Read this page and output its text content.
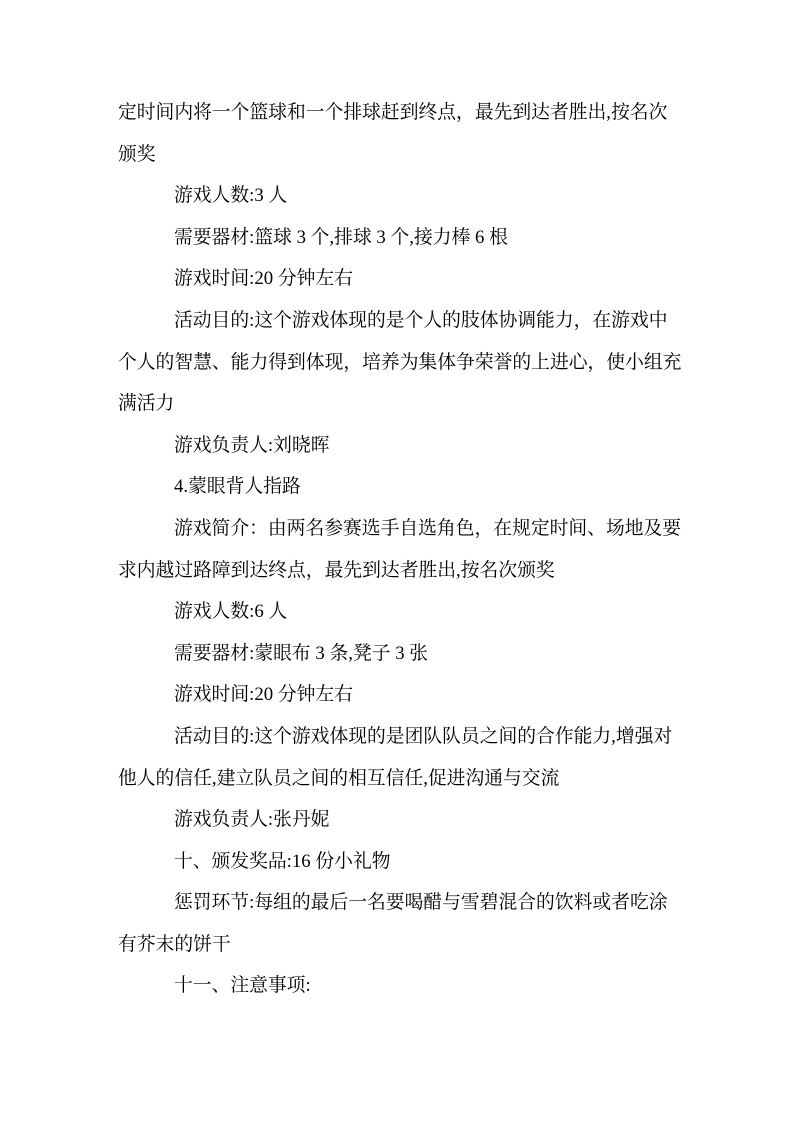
定时间内将一个篮球和一个排球赶到终点，最先到达者胜出,按名次
颁奖
游戏人数:3 人
需要器材:篮球 3 个,排球 3 个,接力棒 6 根
游戏时间:20 分钟左右
活动目的:这个游戏体现的是个人的肢体协调能力，在游戏中
个人的智慧、能力得到体现，培养为集体争荣誉的上进心，使小组充
满活力
游戏负责人:刘晓晖
4.蒙眼背人指路
游戏简介：由两名参赛选手自选角色，在规定时间、场地及要
求内越过路障到达终点，最先到达者胜出,按名次颁奖
游戏人数:6 人
需要器材:蒙眼布 3 条,凳子 3 张
游戏时间:20 分钟左右
活动目的:这个游戏体现的是团队队员之间的合作能力,增强对
他人的信任,建立队员之间的相互信任,促进沟通与交流
游戏负责人:张丹妮
十、颁发奖品:16 份小礼物
惩罚环节:每组的最后一名要喝醋与雪碧混合的饮料或者吃涂
有芥末的饼干
十一、注意事项:
